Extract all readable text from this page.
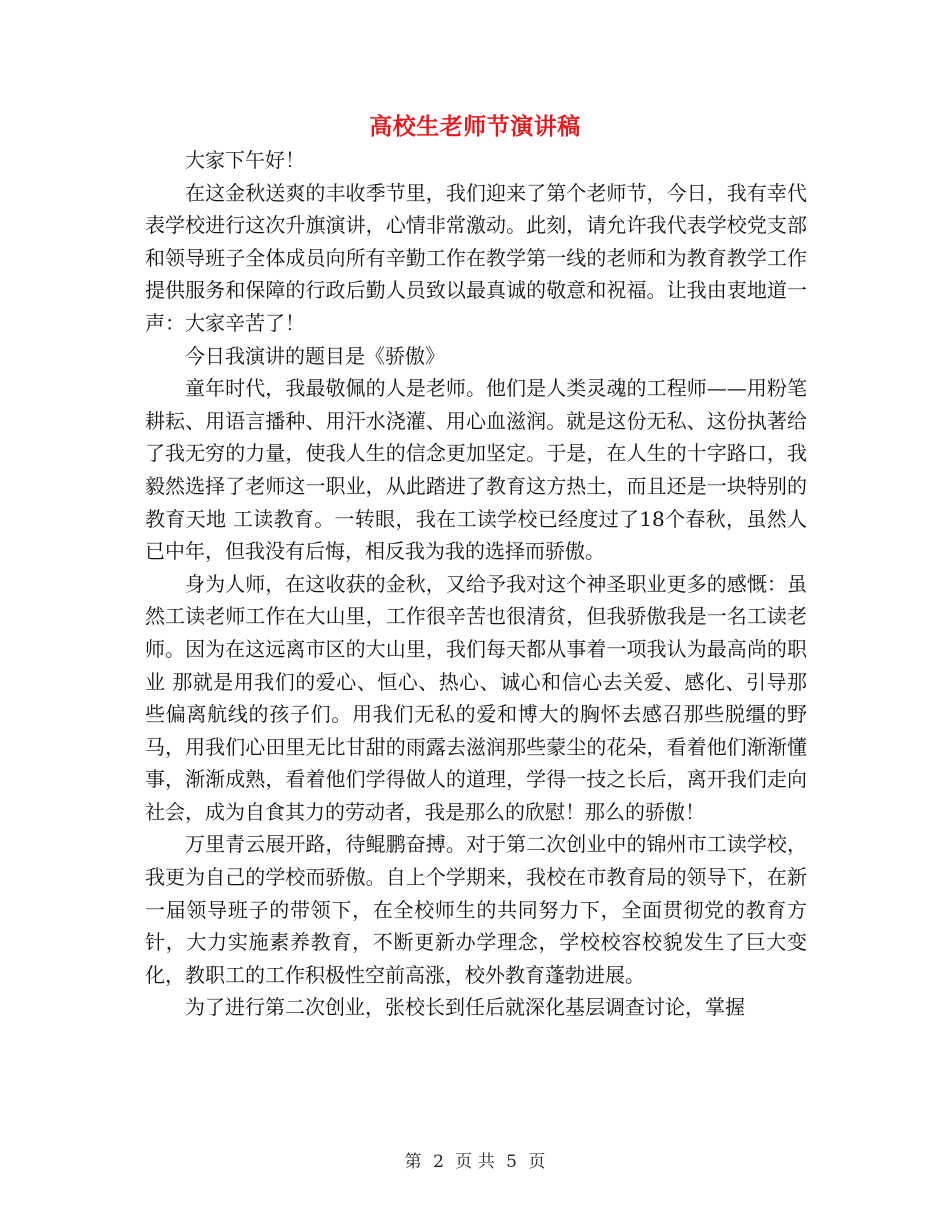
高校生老师节演讲稿

大家下午好！

在这金秋送爽的丰收季节里，我们迎来了第个老师节，今日，我有幸代表学校进行这次升旗演讲，心情非常激动。此刻，请允许我代表学校党支部和领导班子全体成员向所有辛勤工作在教学第一线的老师和为教育教学工作提供服务和保障的行政后勤人员致以最真诚的敬意和祝福。让我由衷地道一声：大家辛苦了！

今日我演讲的题目是《骄傲》

童年时代，我最敬佩的人是老师。他们是人类灵魂的工程师——用粉笔耕耘、用语言播种、用汗水浇灌、用心血滋润。就是这份无私、这份执著给了我无穷的力量，使我人生的信念更加坚定。于是，在人生的十字路口，我毅然选择了老师这一职业，从此踏进了教育这方热土，而且还是一块特别的教育天地 工读教育。一转眼，我在工读学校已经度过了18个春秋，虽然人已中年，但我没有后悔，相反我为我的选择而骄傲。

身为人师，在这收获的金秋，又给予我对这个神圣职业更多的感慨：虽然工读老师工作在大山里，工作很辛苦也很清贫，但我骄傲我是一名工读老师。因为在这远离市区的大山里，我们每天都从事着一项我认为最高尚的职业 那就是用我们的爱心、恒心、热心、诚心和信心去关爱、感化、引导那些偏离航线的孩子们。用我们无私的爱和博大的胸怀去感召那些脱缰的野马，用我们心田里无比甘甜的雨露去滋润那些蒙尘的花朵，看着他们渐渐懂事，渐渐成熟，看着他们学得做人的道理，学得一技之长后，离开我们走向社会，成为自食其力的劳动者，我是那么的欣慰！那么的骄傲！

万里青云展开路，待鲲鹏奋搏。对于第二次创业中的锦州市工读学校，我更为自己的学校而骄傲。自上个学期来，我校在市教育局的领导下，在新一届领导班子的带领下，在全校师生的共同努力下，全面贯彻党的教育方针，大力实施素养教育，不断更新办学理念，学校校容校貌发生了巨大变化，教职工的工作积极性空前高涨，校外教育蓬勃进展。

为了进行第二次创业，张校长到任后就深化基层调查讨论，掌握

第 2 页 共 5 页
